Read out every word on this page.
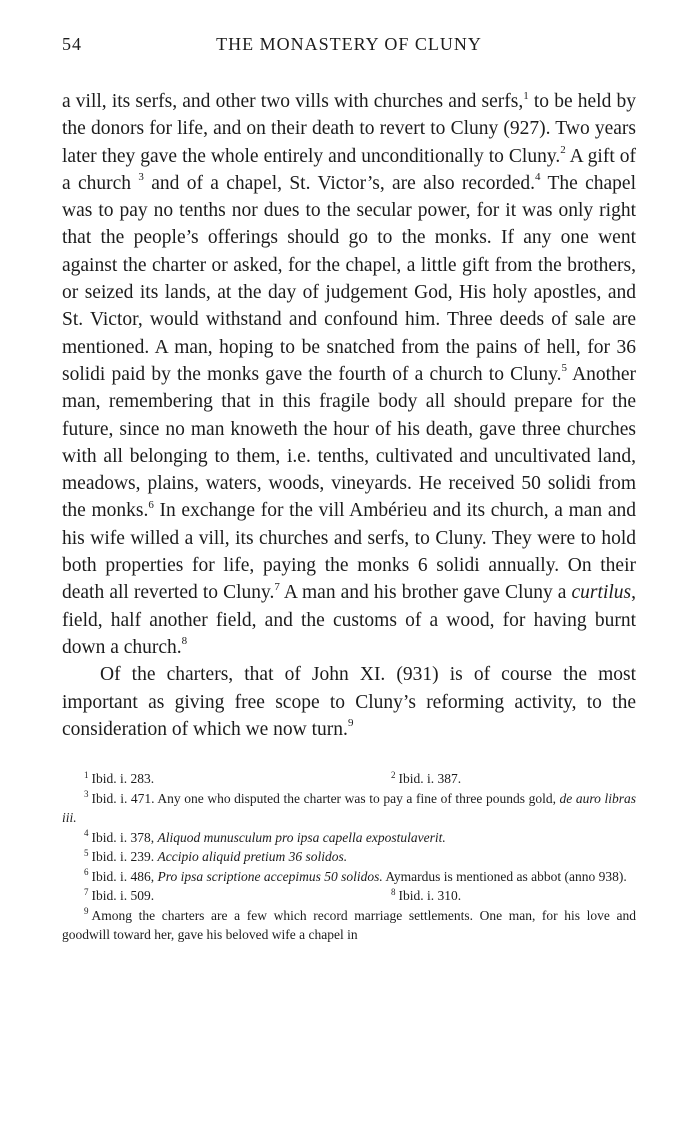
54	THE MONASTERY OF CLUNY

a vill, its serfs, and other two vills with churches and serfs,$^1$ to be held by the donors for life, and on their death to revert to Cluny (927). Two years later they gave the whole entirely and unconditionally to Cluny.$^2$ A gift of a church $^3$ and of a chapel, St. Victor’s, are also recorded.$^4$ The chapel was to pay no tenths nor dues to the secular power, for it was only right that the people’s offerings should go to the monks. If any one went against the charter or asked, for the chapel, a little gift from the brothers, or seized its lands, at the day of judgement God, His holy apostles, and St. Victor, would withstand and confound him. Three deeds of sale are mentioned. A man, hoping to be snatched from the pains of hell, for 36 solidi paid by the monks gave the fourth of a church to Cluny.$^5$ Another man, remembering that in this fragile body all should prepare for the future, since no man knoweth the hour of his death, gave three churches with all belonging to them, i.e. tenths, cultivated and uncultivated land, meadows, plains, waters, woods, vineyards. He received 50 solidi from the monks.$^6$ In exchange for the vill Ambérieu and its church, a man and his wife willed a vill, its churches and serfs, to Cluny. They were to hold both properties for life, paying the monks 6 solidi annually. On their death all reverted to Cluny.$^7$ A man and his brother gave Cluny a curtilus, field, half another field, and the customs of a wood, for having burnt down a church.$^8$

Of the charters, that of John XI. (931) is of course the most important as giving free scope to Cluny’s reforming activity, to the consideration of which we now turn.$^9$

$^1$ Ibid. i. 283.	$^2$ Ibid. i. 387.
$^3$ Ibid. i. 471. Any one who disputed the charter was to pay a fine of three pounds gold, de auro libras iii.
$^4$ Ibid. i. 378, Aliquod munusculum pro ipsa capella expostulaverit.
$^5$ Ibid. i. 239. Accipio aliquid pretium 36 solidos.
$^6$ Ibid. i. 486, Pro ipsa scriptione accepimus 50 solidos. Aymardus is mentioned as abbot (anno 938).
$^7$ Ibid. i. 509.	$^8$ Ibid. i. 310.
$^9$ Among the charters are a few which record marriage settlements. One man, for his love and goodwill toward her, gave his beloved wife a chapel in
